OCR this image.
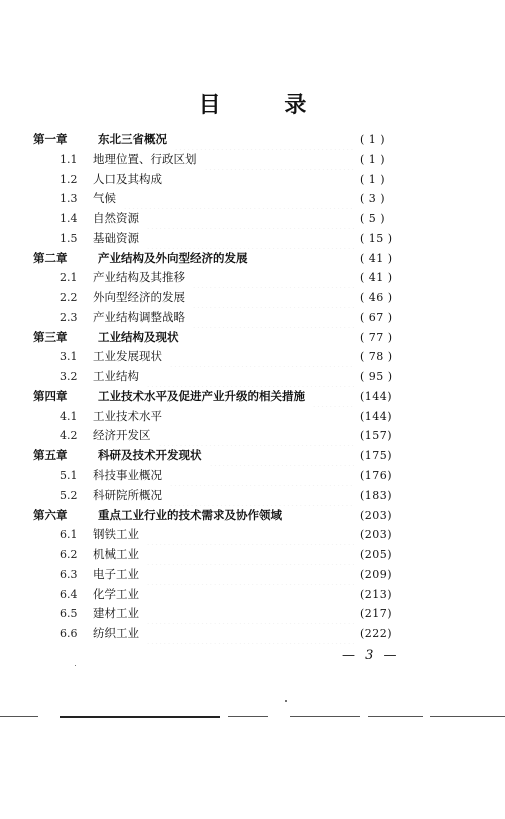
目 录
第一章	东北三省概况	( 1 )
1.1 地理位置、行政区划	( 1 )
1.2 人口及其构成	( 1 )
1.3 气候	( 3 )
1.4 自然资源	( 5 )
1.5 基础资源	( 15 )
第二章	产业结构及外向型经济的发展	( 41 )
2.1 产业结构及其推移	( 41 )
2.2 外向型经济的发展	( 46 )
2.3 产业结构调整战略	( 67 )
第三章	工业结构及现状	( 77 )
3.1 工业发展现状	( 78 )
3.2 工业结构	( 95 )
第四章	工业技术水平及促进产业升级的相关措施	(144)
4.1 工业技术水平	(144)
4.2 经济开发区	(157)
第五章	科研及技术开发现状	(175)
5.1 科技事业概况	(176)
5.2 科研院所概况	(183)
第六章	重点工业行业的技术需求及协作领域	(203)
6.1 钢铁工业	(203)
6.2 机械工业	(205)
6.3 电子工业	(209)
6.4 化学工业	(213)
6.5 建材工业	(217)
6.6 纺织工业	(222)
— 3 —
